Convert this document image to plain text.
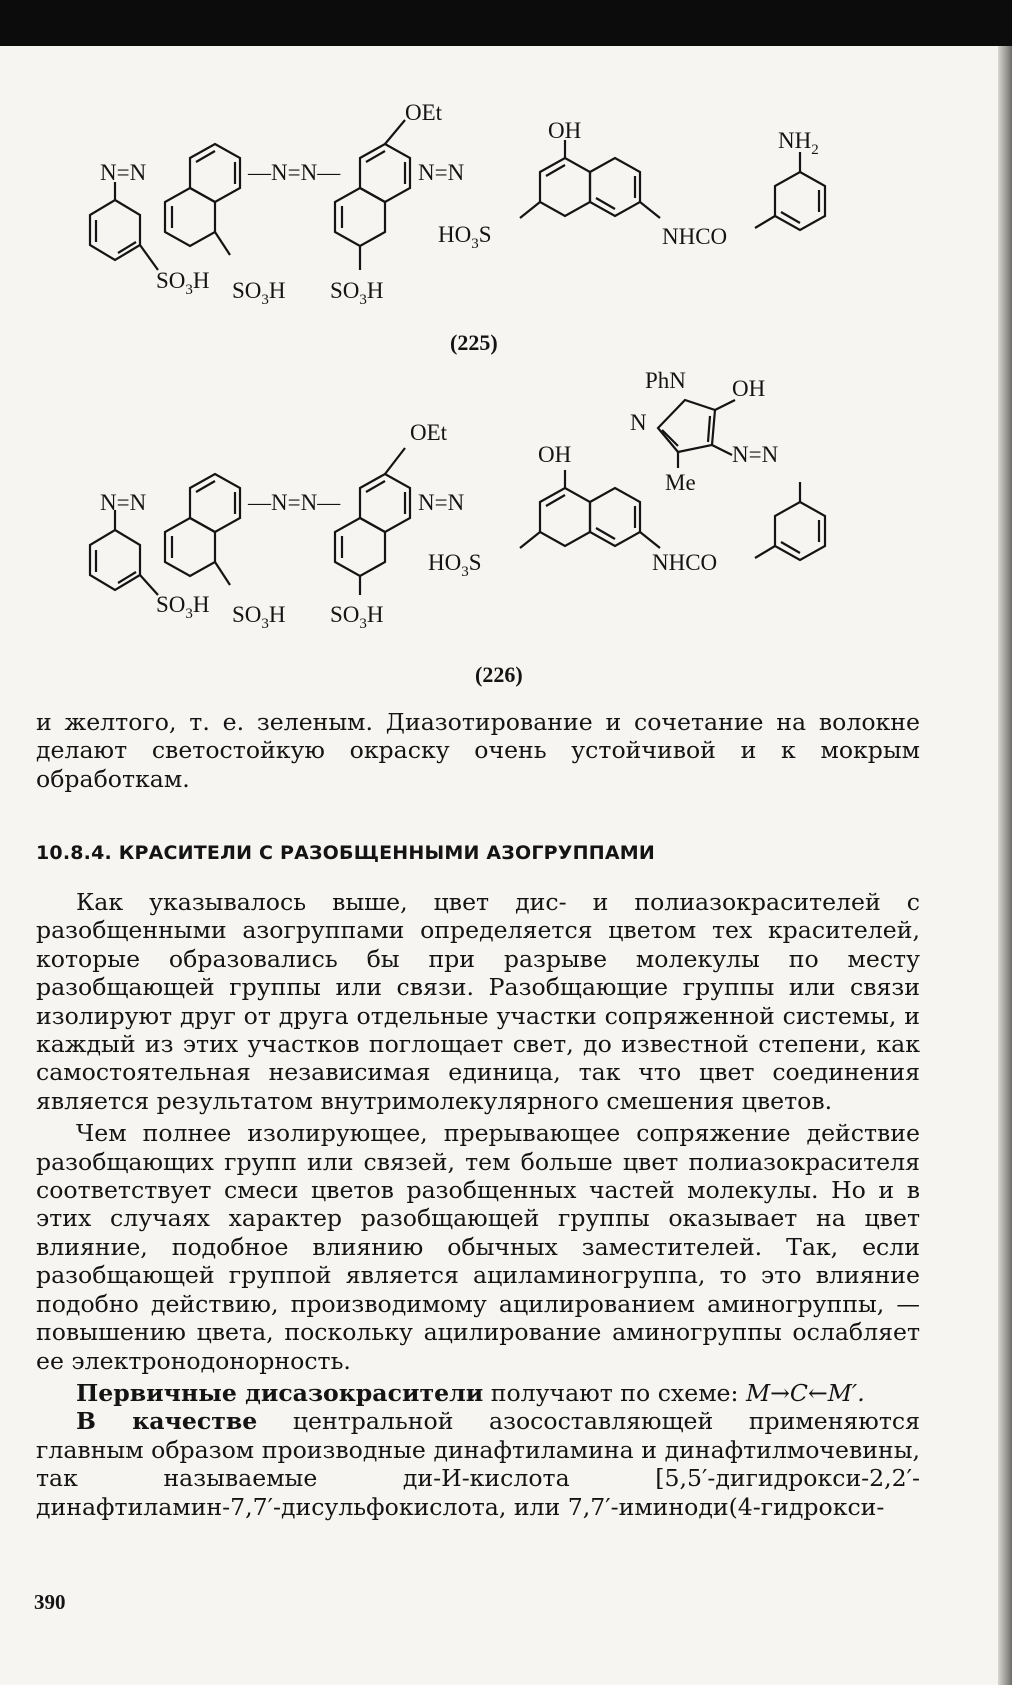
N=N	—N=N—	N=N
OEt
OH	$NH_2$
$HO_3S$	NHCO
$SO_3H$ $SO_3H$ $SO_3H$
(225)
N=N	—N=N—	N=N
N=N
OEt
OH
PhN OH
N
Me
$HO_3S$	NHCO
$SO_3H$ $SO_3H$ $SO_3H$
(226)

и желтого, т. е. зеленым. Диазотирование и сочетание на волокне делают светостойкую окраску очень устойчивой и к мокрым обработкам.

10.8.4. КРАСИТЕЛИ С РАЗОБЩЕННЫМИ АЗОГРУППАМИ

Как указывалось выше, цвет дис- и полиазокрасителей с разобщенными азогруппами определяется цветом тех красителей, которые образовались бы при разрыве молекулы по месту разобщающей группы или связи. Разобщающие группы или связи изолируют друг от друга отдельные участки сопряженной системы, и каждый из этих участков поглощает свет, до известной степени, как самостоятельная независимая единица, так что цвет соединения является результатом внутримолекулярного смешения цветов.

Чем полнее изолирующее, прерывающее сопряжение действие разобщающих групп или связей, тем больше цвет полиазокрасителя соответствует смеси цветов разобщенных частей молекулы. Но и в этих случаях характер разобщающей группы оказывает на цвет влияние, подобное влиянию обычных заместителей. Так, если разобщающей группой является ациламиногруппа, то это влияние подобно действию, производимому ацилированием аминогруппы, — повышению цвета, поскольку ацилирование аминогруппы ослабляет ее электронодонорность.

Первичные дисазокрасители получают по схеме: M→C←M′.

В качестве центральной азосоставляющей применяются главным образом производные динафтиламина и динафтилмочевины, так называемые ди-И-кислота [5,5′-дигидрокси-2,2′-динафтиламин-7,7′-дисульфокислота, или 7,7′-иминоди(4-гидрокси-

390
